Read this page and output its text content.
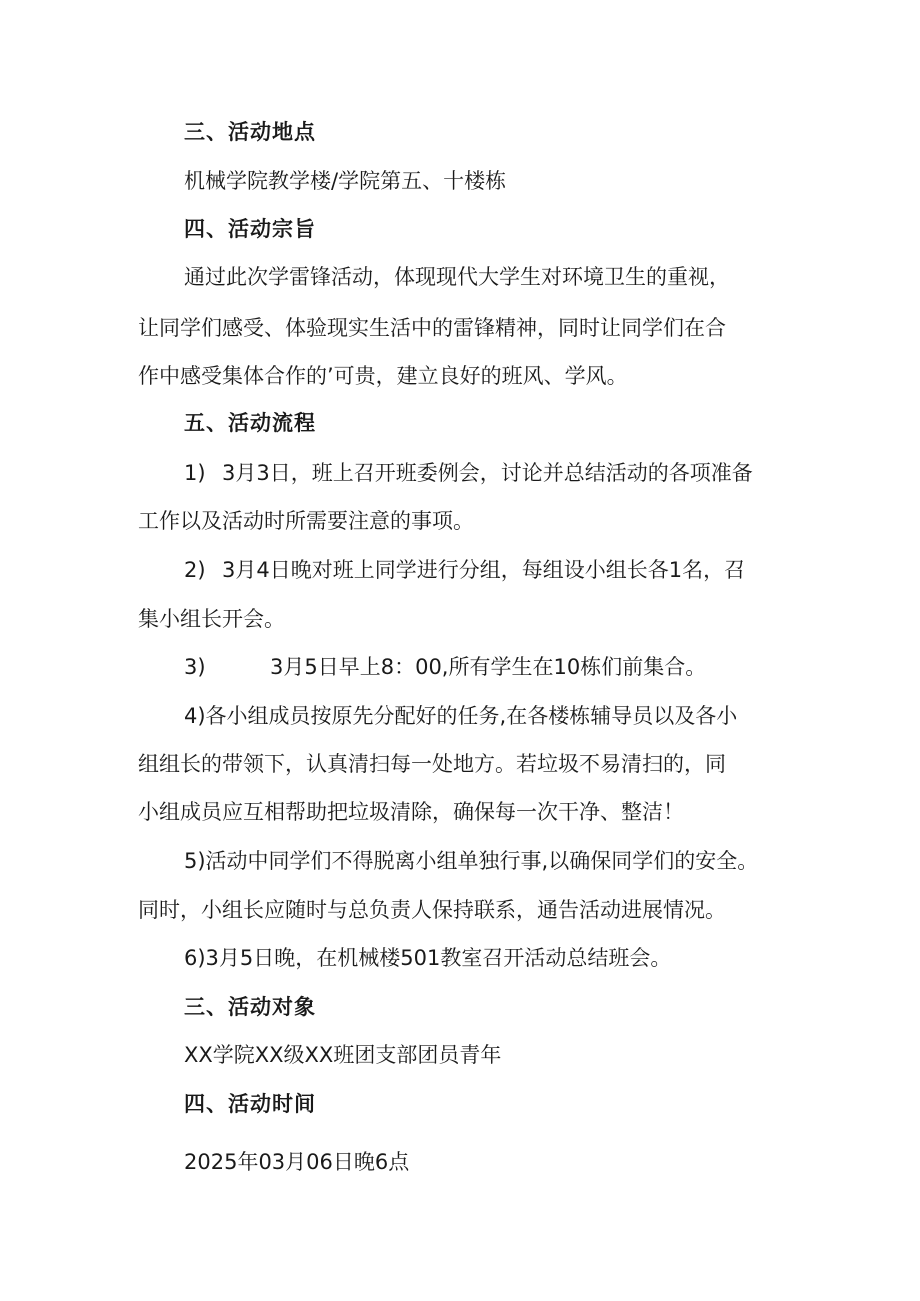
三、活动地点

机械学院教学楼/学院第五、十楼栋

四、活动宗旨

通过此次学雷锋活动，体现现代大学生对环境卫生的重视，

让同学们感受、体验现实生活中的雷锋精神，同时让同学们在合

作中感受集体合作的’可贵，建立良好的班风、学风。

五、活动流程

1) 3月3日，班上召开班委例会，讨论并总结活动的各项准备

工作以及活动时所需要注意的事项。

2) 3月4日晚对班上同学进行分组，每组设小组长各1名，召

集小组长开会。

3)	3月5日早上8：00,所有学生在10栋们前集合。

4)各小组成员按原先分配好的任务,在各楼栋辅导员以及各小

组组长的带领下，认真清扫每一处地方。若垃圾不易清扫的，同

小组成员应互相帮助把垃圾清除，确保每一次干净、整洁！

5)活动中同学们不得脱离小组单独行事,以确保同学们的安全。

同时，小组长应随时与总负责人保持联系，通告活动进展情况。

6)3月5日晚，在机械楼501教室召开活动总结班会。

三、活动对象

XX学院XX级XX班团支部团员青年

四、活动时间

2025年03月06日晚6点
